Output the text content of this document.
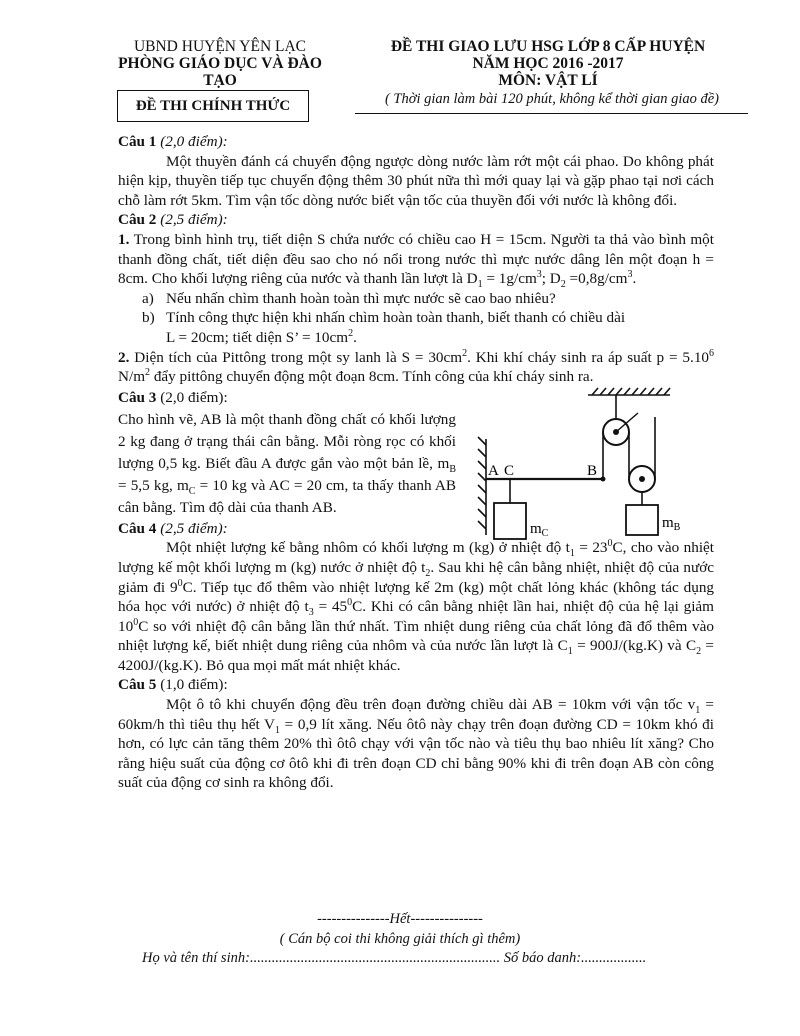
UBND HUYỆN YÊN LẠC
PHÒNG GIÁO DỤC VÀ ĐÀO TẠO
ĐỀ THI GIAO LƯU HSG LỚP 8 CẤP HUYỆN
NĂM HỌC 2016 -2017
MÔN: VẬT LÍ
ĐỀ THI CHÍNH THỨC	( Thời gian làm bài 120 phút, không kể thời gian giao đề)

Câu 1 (2,0 điểm):

Một thuyền đánh cá chuyển động ngược dòng nước làm rớt một cái phao. Do không phát hiện kịp, thuyền tiếp tục chuyển động thêm 30 phút nữa thì mới quay lại và gặp phao tại nơi cách chỗ làm rớt 5km. Tìm vận tốc dòng nước biết vận tốc của thuyền đối với nước là không đổi.

Câu 2 (2,5 điểm):

1. Trong bình hình trụ, tiết diện S chứa nước có chiều cao H = 15cm. Người ta thả vào bình một thanh đồng chất, tiết diện đều sao cho nó nổi trong nước thì mực nước dâng lên một đoạn h = 8cm. Cho khối lượng riêng của nước và thanh lần lượt là $D_1 = 1g/cm^3$; $D_2 =0,8g/cm^3$.

a) Nếu nhấn chìm thanh hoàn toàn thì mực nước sẽ cao bao nhiêu?

b) Tính công thực hiện khi nhấn chìm hoàn toàn thanh, biết thanh có chiều dài
L = 20cm; tiết diện S’ = $10cm^2$.

2. Diện tích của Pittông trong một sy lanh là $S = 30cm^2$. Khi khí cháy sinh ra áp suất $p = 5.10^6$ $N/m^2$ đẩy pittông chuyển động một đoạn 8cm. Tính công của khí cháy sinh ra.

A C	B
$m_C$
$m_B$

Câu 3 (2,0 điểm):

Cho hình vẽ, AB là một thanh đồng chất có khối lượng 2 kg đang ở trạng thái cân bằng. Mỗi ròng rọc có khối lượng 0,5 kg. Biết đầu A được gắn vào một bản lề, $m_B = 5,5$ kg, $m_C = 10$ kg và AC = 20 cm, ta thấy thanh AB cân bằng. Tìm độ dài của thanh AB.

Câu 4 (2,5 điểm):

Một nhiệt lượng kế bằng nhôm có khối lượng m (kg) ở nhiệt độ $t_1 = 23^0C$, cho vào nhiệt lượng kế một khối lượng m (kg) nước ở nhiệt độ $t_2$. Sau khi hệ cân bằng nhiệt, nhiệt độ của nước giảm đi $9^0C$. Tiếp tục đổ thêm vào nhiệt lượng kế 2m (kg) một chất lỏng khác (không tác dụng hóa học với nước) ở nhiệt độ $t_3 = 45^0C$. Khi có cân bằng nhiệt lần hai, nhiệt độ của hệ lại giảm $10^0C$ so với nhiệt độ cân bằng lần thứ nhất. Tìm nhiệt dung riêng của chất lỏng đã đổ thêm vào nhiệt lượng kế, biết nhiệt dung riêng của nhôm và của nước lần lượt là $C_1 = 900J/(kg.K)$ và $C_2 = 4200J/(kg.K)$. Bỏ qua mọi mất mát nhiệt khác.

Câu 5 (1,0 điểm):

Một ô tô khi chuyển động đều trên đoạn đường chiều dài AB = 10km với vận tốc $v_1 = 60km/h$ thì tiêu thụ hết $V_1 = 0,9$ lít xăng. Nếu ôtô này chạy trên đoạn đường CD = 10km khó đi hơn, có lực cản tăng thêm 20% thì ôtô chạy với vận tốc nào và tiêu thụ bao nhiêu lít xăng? Cho rằng hiệu suất của động cơ ôtô khi đi trên đoạn CD chỉ bằng 90% khi đi trên đoạn AB còn công suất của động cơ sinh ra không đổi.

---------------Hết---------------
( Cán bộ coi thi không giải thích gì thêm)
Họ và tên thí sinh:..................................................................... Số báo danh:..................
